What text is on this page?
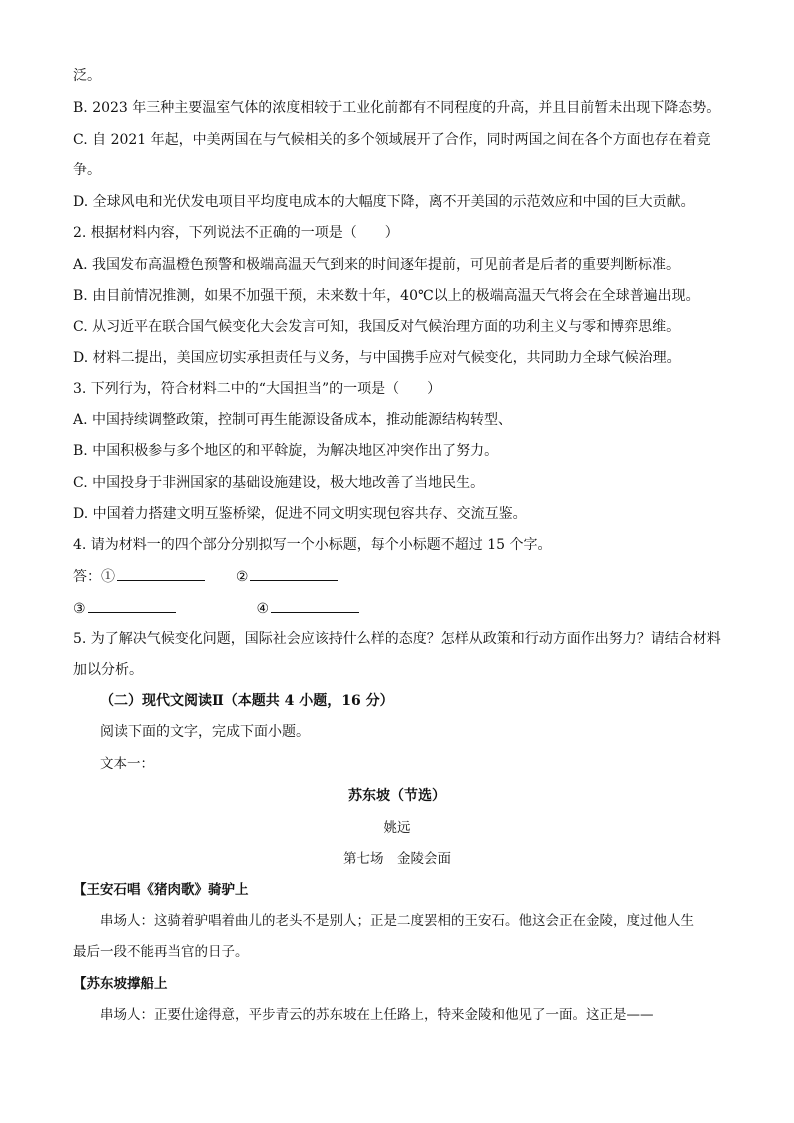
泛。
B. 2023 年三种主要温室气体的浓度相较于工业化前都有不同程度的升高，并且目前暂未出现下降态势。
C. 自 2021 年起，中美两国在与气候相关的多个领域展开了合作，同时两国之间在各个方面也存在着竞
争。
D. 全球风电和光伏发电项目平均度电成本的大幅度下降，离不开美国的示范效应和中国的巨大贡献。
2. 根据材料内容，下列说法不正确的一项是（　　）
A. 我国发布高温橙色预警和极端高温天气到来的时间逐年提前，可见前者是后者的重要判断标准。
B. 由目前情况推测，如果不加强干预，未来数十年，40℃以上的极端高温天气将会在全球普遍出现。
C. 从习近平在联合国气候变化大会发言可知，我国反对气候治理方面的功利主义与零和博弈思维。
D. 材料二提出，美国应切实承担责任与义务，与中国携手应对气候变化，共同助力全球气候治理。
3. 下列行为，符合材料二中的“大国担当”的一项是（　　）
A. 中国持续调整政策，控制可再生能源设备成本，推动能源结构转型、
B. 中国积极参与多个地区的和平斡旋，为解决地区冲突作出了努力。
C. 中国投身于非洲国家的基础设施建设，极大地改善了当地民生。
D. 中国着力搭建文明互鉴桥梁，促进不同文明实现包容共存、交流互鉴。
4. 请为材料一的四个部分分别拟写一个小标题，每个小标题不超过 15 个字。
答：①	②
③	④
5. 为了解决气候变化问题，国际社会应该持什么样的态度？怎样从政策和行动方面作出努力？请结合材料
加以分析。
（二）现代文阅读Ⅱ（本题共 4 小题，16 分）
阅读下面的文字，完成下面小题。
文本一：
苏东坡（节选）
姚远
第七场　金陵会面
【王安石唱《猪肉歌》骑驴上
串场人：这骑着驴唱着曲儿的老头不是别人；正是二度罢相的王安石。他这会正在金陵，度过他人生
最后一段不能再当官的日子。
【苏东坡撑船上
串场人：正要仕途得意，平步青云的苏东坡在上任路上，特来金陵和他见了一面。这正是——
